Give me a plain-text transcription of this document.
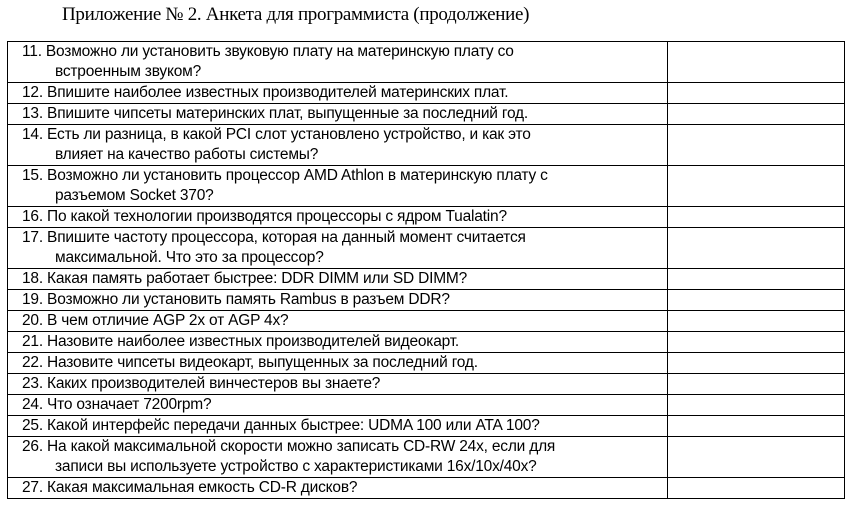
Приложение № 2. Анкета для программиста (продолжение)
11. Возможно ли установить звуковую плату на материнскую плату со
встроенным звуком?	

12. Впишите наиболее известных производителей материнских плат.	

13. Впишите чипсеты материнских плат, выпущенные за последний год.	

14. Есть ли разница, в какой PCI слот установлено устройство, и как это
влияет на качество работы системы?	

15. Возможно ли установить процессор AMD Athlon в материнскую плату с
разъемом Socket 370?	

16. По какой технологии производятся процессоры с ядром Tualatin?	

17. Впишите частоту процессора, которая на данный момент считается
максимальной. Что это за процессор?	

18. Какая память работает быстрее: DDR DIMM или SD DIMM?	

19. Возможно ли установить память Rambus в разъем DDR?	

20. В чем отличие AGP 2x от AGP 4x?	

21. Назовите наиболее известных производителей видеокарт.	

22. Назовите чипсеты видеокарт, выпущенных за последний год.	

23. Каких производителей винчестеров вы знаете?	

24. Что означает 7200rpm?	

25. Какой интерфейс передачи данных быстрее: UDMA 100 или ATA 100?	

26. На какой максимальной скорости можно записать CD-RW 24x, если для
записи вы используете устройство с характеристиками 16x/10x/40x?	

27. Какая максимальная емкость CD-R дисков?	
